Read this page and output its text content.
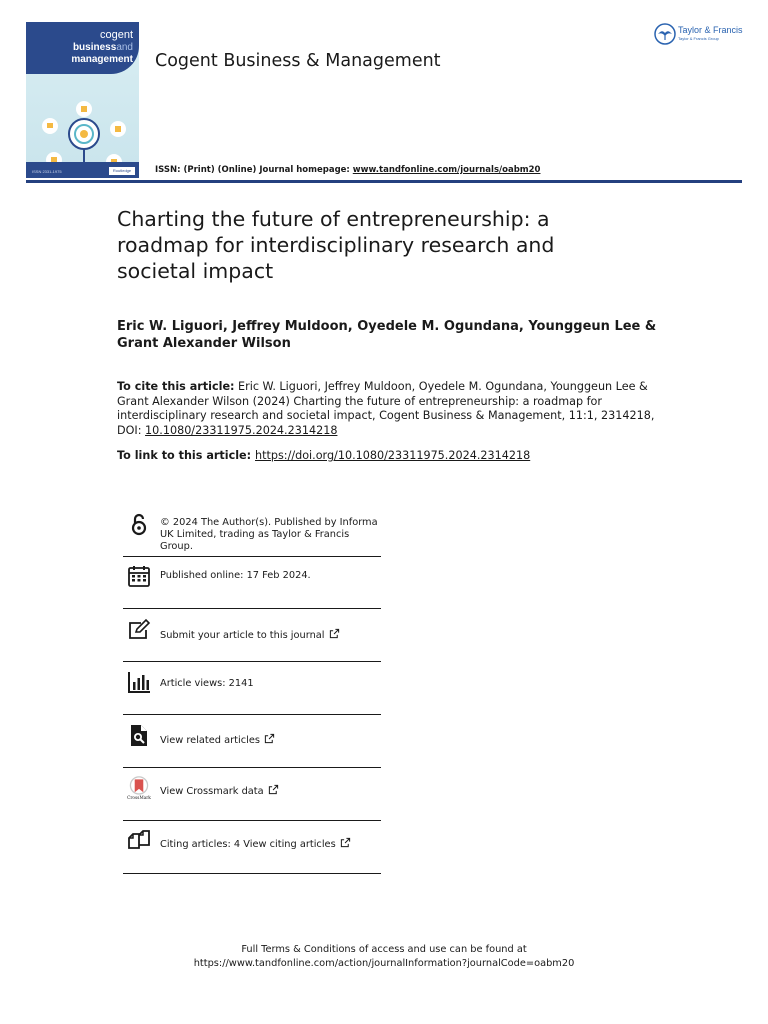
cogent
businessand
management
ISSN 2331-1975	Routledge
Cogent Business & Management
ISSN: (Print) (Online) Journal homepage: www.tandfonline.com/journals/oabm20
Taylor & Francis
Taylor & Francis Group
Charting the future of entrepreneurship: a roadmap for interdisciplinary research and societal impact

Eric W. Liguori, Jeffrey Muldoon, Oyedele M. Ogundana, Younggeun Lee & Grant Alexander Wilson

To cite this article: Eric W. Liguori, Jeffrey Muldoon, Oyedele M. Ogundana, Younggeun Lee & Grant Alexander Wilson (2024) Charting the future of entrepreneurship: a roadmap for interdisciplinary research and societal impact, Cogent Business & Management, 11:1, 2314218, DOI: 10.1080/23311975.2024.2314218

To link to this article: https://doi.org/10.1080/23311975.2024.2314218

© 2024 The Author(s). Published by Informa
UK Limited, trading as Taylor & Francis
Group.
Published online: 17 Feb 2024.
Submit your article to this journal
Article views: 2141
View related articles
CrossMark
View Crossmark data
Citing articles: 4 View citing articles
Full Terms & Conditions of access and use can be found at
https://www.tandfonline.com/action/journalInformation?journalCode=oabm20
